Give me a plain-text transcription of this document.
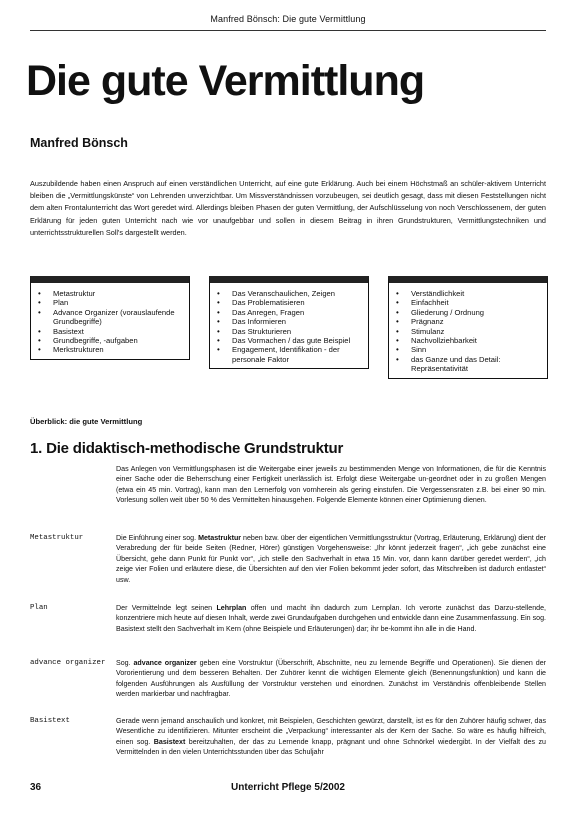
Manfred Bönsch: Die gute Vermittlung
Die gute Vermittlung
Manfred Bönsch

Auszubildende haben einen Anspruch auf einen verständlichen Unterricht, auf eine gute Erklärung. Auch bei einem Höchstmaß an schüler-aktivem Unterricht bleiben die „Vermittlungskünste“ von Lehrenden unverzichtbar. Um Missverständnissen vorzubeugen, sei deutlich gesagt, dass mit diesen Feststellungen nicht dem alten Frontalunterricht das Wort geredet wird. Allerdings bleiben Phasen der guten Vermittlung, der Aufschlüsselung von noch Verschlossenem, der guten Erklärung für jeden guten Unterricht nach wie vor unaufgebbar und sollen in diesem Beitrag in ihren Grundstrukturen, Vermittlungstechniken und unterrichtsstrukturellen Soll's dargestellt werden.

• Metastruktur
• Plan
• Advance Organizer (vorauslaufende Grundbegriffe)
• Basistext
• Grundbegriffe, -aufgaben
• Merkstrukturen
• Das Veranschaulichen, Zeigen
• Das Problematisieren
• Das Anregen, Fragen
• Das Informieren
• Das Strukturieren
• Das Vormachen / das gute Beispiel
• Engagement, Identifikation - der personale Faktor
• Verständlichkeit
• Einfachheit
• Gliederung / Ordnung
• Prägnanz
• Stimulanz
• Nachvollziehbarkeit
• Sinn
• das Ganze und das Detail: Repräsentativität
Überblick: die gute Vermittlung
1. Die didaktisch-methodische Grundstruktur

Das Anlegen von Vermittlungsphasen ist die Weitergabe einer jeweils zu bestimmenden Menge von Informationen, die für die Kenntnis einer Sache oder die Beherrschung einer Fertigkeit unerlässlich ist. Erfolgt diese Weitergabe un-geordnet oder in zu großen Mengen (etwa ein 45 min. Vortrag), kann man den Lernerfolg von vornherein als gering einstufen. Die Vergessensraten z.B. bei einer 90 min. Vorlesung sollen weit über 50 % des Vermittelten hinausgehen. Folgende Elemente können einer Optimierung dienen.

Metastruktur	Die Einführung einer sog. Metastruktur neben bzw. über der eigentlichen Vermittlungsstruktur (Vortrag, Erläuterung, Erklärung) dient der Verabredung der für beide Seiten (Redner, Hörer) günstigen Vorgehensweise: „Ihr könnt jederzeit fragen“, „ich gebe zunächst eine Übersicht, gehe dann Punkt für Punkt vor“, „ich stelle den Sachverhalt in etwa 15 Min. vor, dann kann darüber geredet werden“, „ich zeige vier Folien und erläutere diese, die Übersichten auf den vier Folien bekommt jeder sofort, das Mitschreiben ist dadurch entlastet“ usw.

Plan	Der Vermittelnde legt seinen Lehrplan offen und macht ihn dadurch zum Lernplan. Ich verorte zunächst das Darzu-stellende, konzentriere mich heute auf diesen Inhalt, werde zwei Grundaufgaben durchgehen und entwickle dann eine Zusammenfassung. Ein sog. Basistext stellt den Sachverhalt im Kern (ohne Beispiele und Erläuterungen) dar; ihr be-kommt ihn alle in die Hand.

advance organizer	Sog. advance organizer geben eine Vorstruktur (Überschrift, Abschnitte, neu zu lernende Begriffe und Operationen). Sie dienen der Vororientierung und dem besseren Behalten. Der Zuhörer kennt die wichtigen Elemente gleich (Benennungsfunktion) und kann die folgenden Ausführungen als Ausfüllung der Vorstruktur verstehen und einordnen. Zunächst im Verständnis offenbleibende Stellen werden markierbar und nachfragbar.

Basistext	Gerade wenn jemand anschaulich und konkret, mit Beispielen, Geschichten gewürzt, darstellt, ist es für den Zuhörer häufig schwer, das Wesentliche zu identifizieren. Mitunter erscheint die „Verpackung“ interessanter als der Kern der Sache. So wäre es häufig hilfreich, einen sog. Basistext bereitzuhalten, der das zu Lernende knapp, prägnant und ohne Schnörkel wiedergibt. In der Vielfalt des zu Vermittelnden in den vielen Unterrichtsstunden über das Schuljahr

36	Unterricht Pflege 5/2002
